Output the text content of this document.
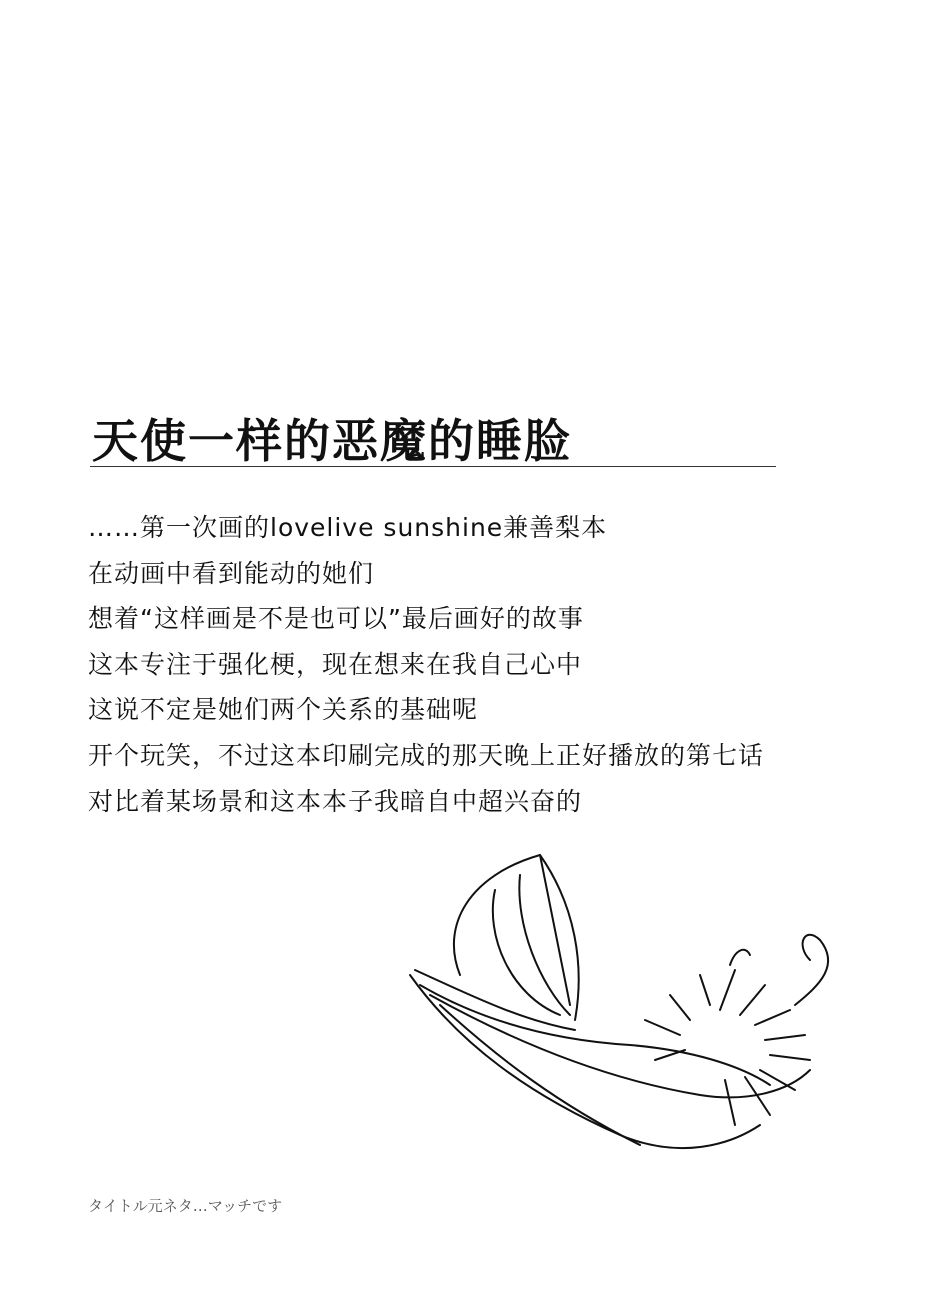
天使一样的恶魔的睡脸
……第一次画的lovelive sunshine兼善梨本
在动画中看到能动的她们
想着“这样画是不是也可以”最后画好的故事
这本专注于强化梗，现在想来在我自己心中
这说不定是她们两个关系的基础呢
开个玩笑，不过这本印刷完成的那天晚上正好播放的第七话
对比着某场景和这本本子我暗自中超兴奋的
タイトル元ネタ…マッチです
